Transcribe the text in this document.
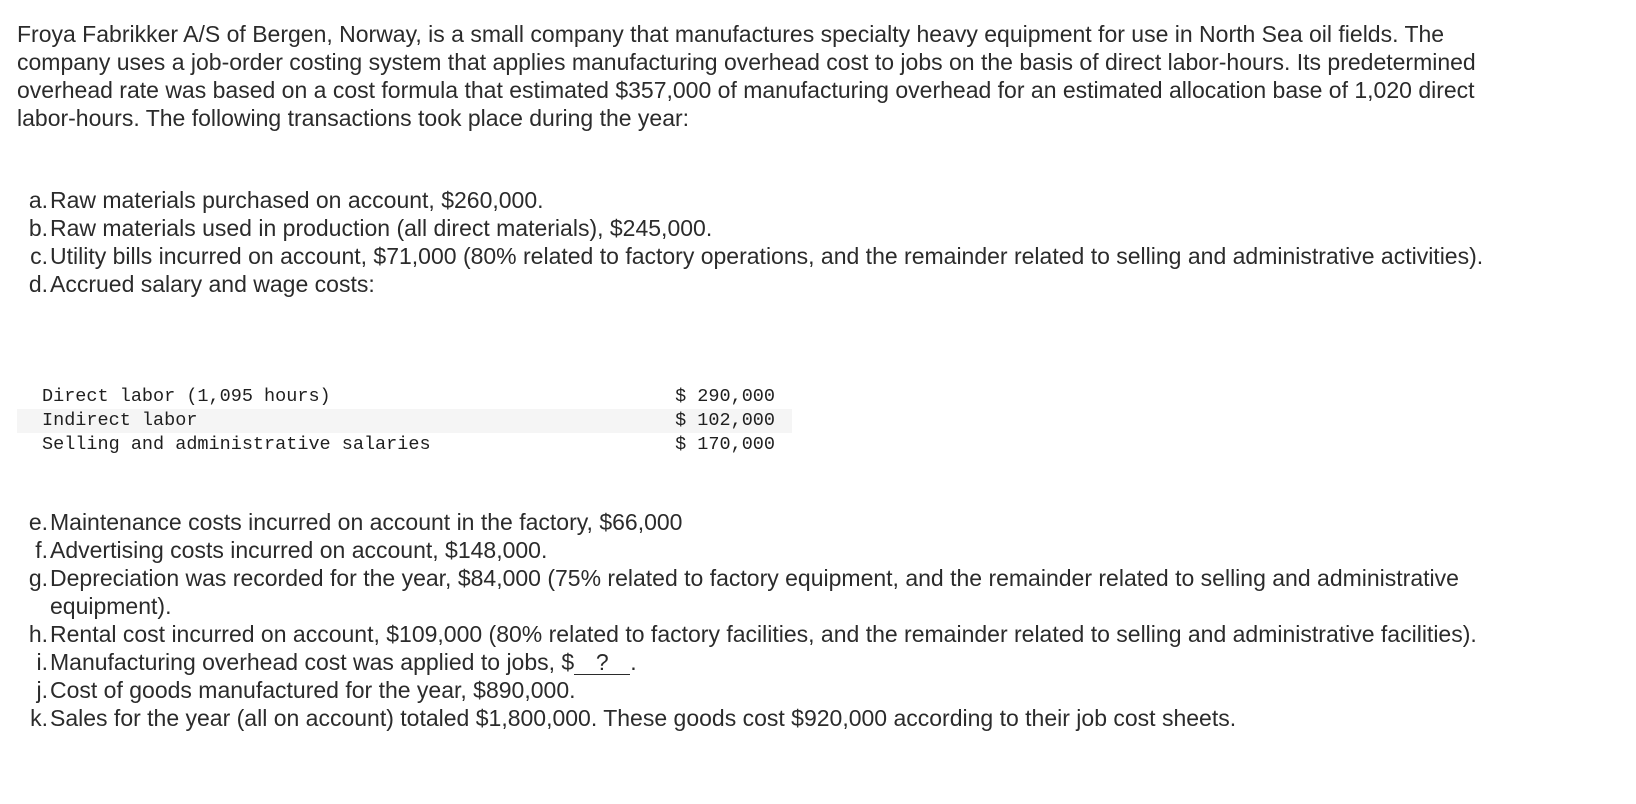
Froya Fabrikker A/S of Bergen, Norway, is a small company that manufactures specialty heavy equipment for use in North Sea oil fields. The company uses a job-order costing system that applies manufacturing overhead cost to jobs on the basis of direct labor-hours. Its predetermined overhead rate was based on a cost formula that estimated $357,000 of manufacturing overhead for an estimated allocation base of 1,020 direct labor-hours. The following transactions took place during the year:

a. Raw materials purchased on account, $260,000.
b. Raw materials used in production (all direct materials), $245,000.
c. Utility bills incurred on account, $71,000 (80% related to factory operations, and the remainder related to selling and administrative activities).
d. Accrued salary and wage costs:
Direct labor (1,095 hours)	$ 290,000
Indirect labor	$ 102,000
Selling and administrative salaries	$ 170,000
e. Maintenance costs incurred on account in the factory, $66,000
f. Advertising costs incurred on account, $148,000.
g. Depreciation was recorded for the year, $84,000 (75% related to factory equipment, and the remainder related to selling and administrative equipment).
h. Rental cost incurred on account, $109,000 (80% related to factory facilities, and the remainder related to selling and administrative facilities).
i. Manufacturing overhead cost was applied to jobs, $ ? .
j. Cost of goods manufactured for the year, $890,000.
k. Sales for the year (all on account) totaled $1,800,000. These goods cost $920,000 according to their job cost sheets.
